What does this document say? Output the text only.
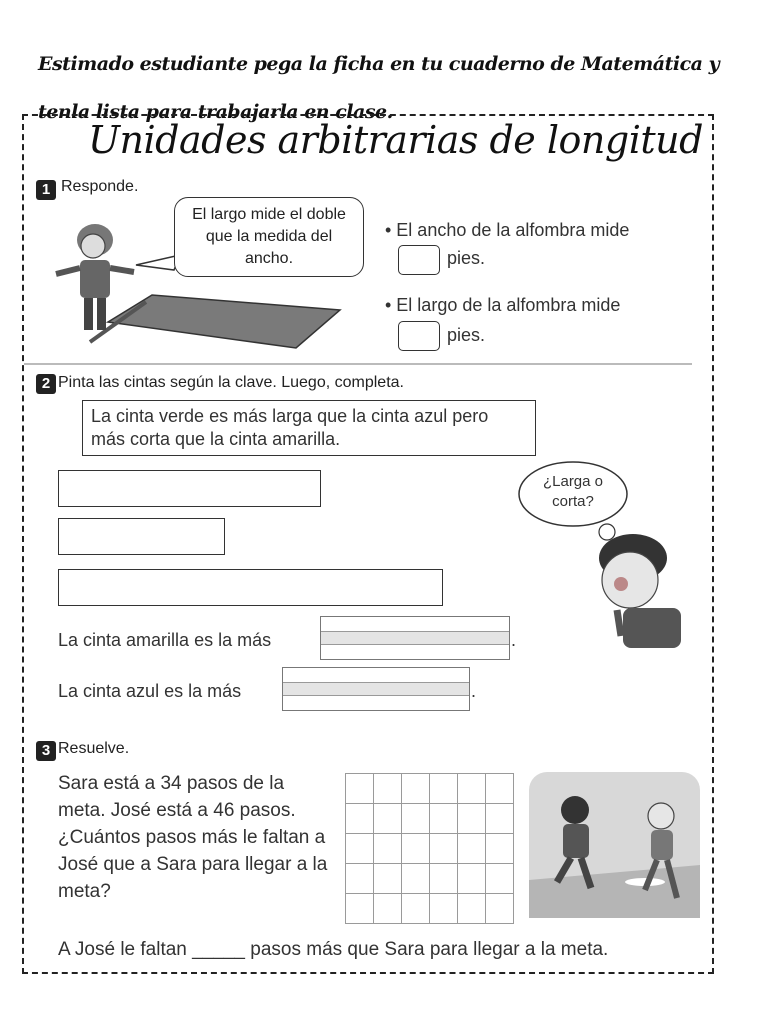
Estimado estudiante pega la ficha en tu cuaderno de Matemática y tenla lista para trabajarla en clase.
Unidades arbitrarias de longitud
1 Responde.
El largo mide el doble que la medida del ancho.
• El ancho de la alfombra mide
pies.
• El largo de la alfombra mide
pies.
2 Pinta las cintas según la clave. Luego, completa.
La cinta verde es más larga que la cinta azul pero más corta que la cinta amarilla.
¿Larga o corta?
La cinta amarilla es la más	.
La cinta azul es la más	.
3 Resuelve.
Sara está a 34 pasos de la meta. José está a 46 pasos. ¿Cuántos pasos más le faltan a José que a Sara para llegar a la meta?

A José le faltan _____ pasos más que Sara para llegar a la meta.
